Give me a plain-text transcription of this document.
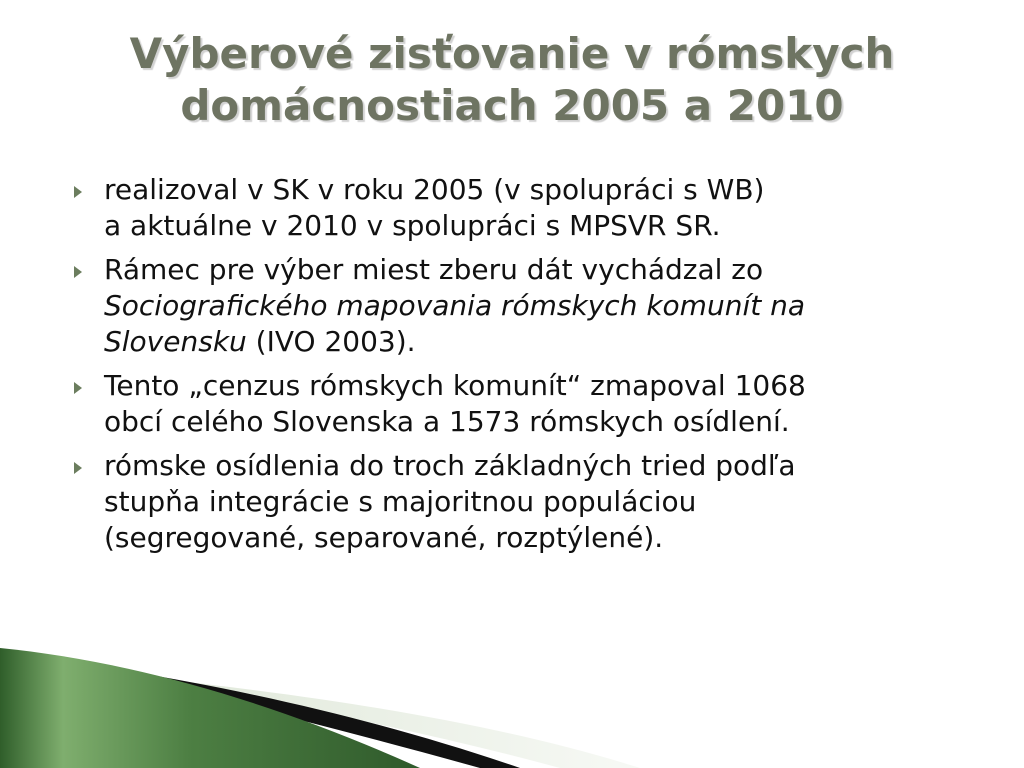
Výberové zisťovanie v rómskych
domácnostiach 2005 a 2010
realizoval v SK v roku 2005 (v spolupráci s WB)
a aktuálne v 2010 v spolupráci s MPSVR SR.
Rámec pre výber miest zberu dát vychádzal zo
Sociografického mapovania rómskych komunít na
Slovensku (IVO 2003).
Tento „cenzus rómskych komunít“ zmapoval 1068
obcí celého Slovenska a 1573 rómskych osídlení.
rómske osídlenia do troch základných tried podľa
stupňa integrácie s majoritnou populáciou
(segregované, separované, rozptýlené).
